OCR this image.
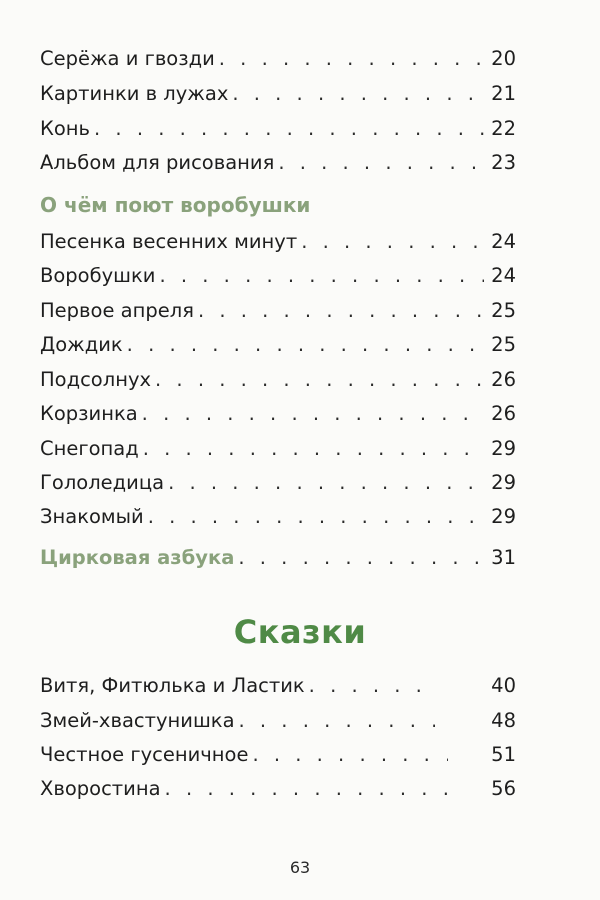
Серёжа и гвозди . . .	20
Картинки в лужах . . .	21
Конь . . .	22
Альбом для рисования . . .	23
О чём поют воробушки
Песенка весенних минут . . .	24
Воробушки . . .	24
Первое апреля . . .	25
Дождик . . .	25
Подсолнух . . .	26
Корзинка . . .	26
Снегопад . . .	29
Гололедица . . .	29
Знакомый . . .	29
Цирковая азбука . . .	31
Сказки
Витя, Фитюлька и Ластик . . .	40
Змей-хвастунишка . . .	48
Честное гусеничное . . .	51
Хворостина . . .	56
63
